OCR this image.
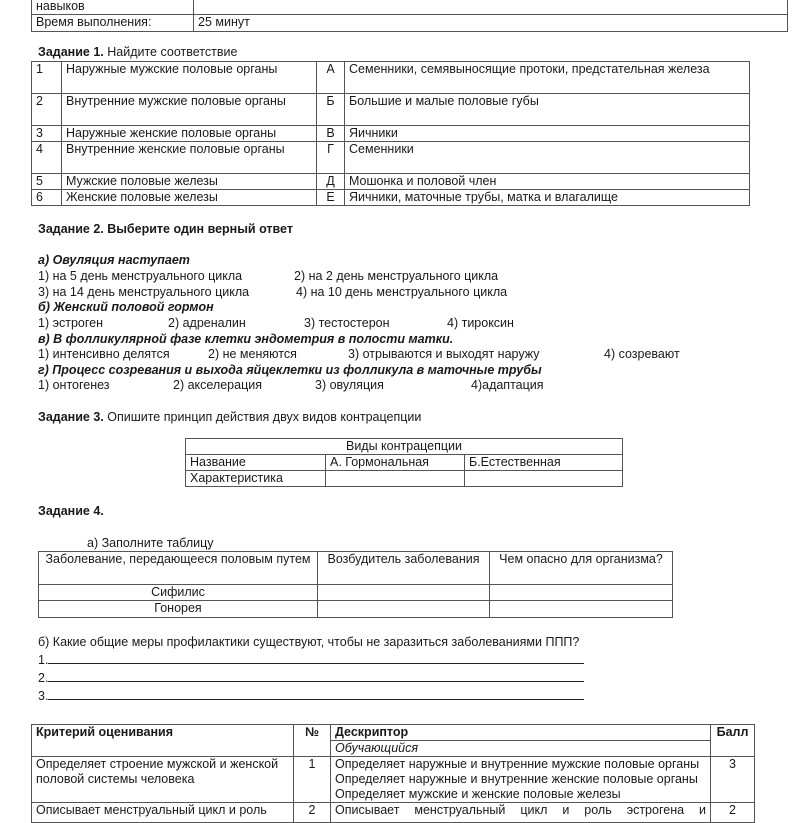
навыков	
Время выполнения:	25 минут
Задание 1. Найдите соответствие
1	Наружные мужские половые органы	А	Семенники, семявыносящие протоки, предстательная железа
2	Внутренние мужские половые органы	Б	Большие и малые половые губы
3	Наружные женские половые органы	В	Яичники
4	Внутренние женские половые органы	Г	Семенники
5	Мужские половые железы	Д	Мошонка и половой член
6	Женские половые железы	Е	Яичники, маточные трубы, матка и влагалище
Задание 2. Выберите один верный ответ
а) Овуляция наступает
1) на 5 день менструального цикла	2) на 2 день менструального цикла
3) на 14 день менструального цикла	4) на 10 день менструального цикла
б) Женский половой гормон
1) эстроген	2) адреналин	3) тестостерон	4) тироксин
в) В фолликулярной фазе клетки эндометрия в полости матки.
1) интенсивно делятся	2) не меняются	3) отрываются и выходят наружу	4) созревают
г) Процесс созревания и выхода яйцеклетки из фолликула в маточные трубы
1) онтогенез	2) акселерация	3) овуляция	4)адаптация
Задание 3. Опишите принцип действия двух видов контрацепции
Виды контрацепции		
Название	А. Гормональная	Б.Естественная
Характеристика		
Задание 4.
а) Заполните таблицу
Заболевание, передающееся половым путем	Возбудитель заболевания	Чем опасно для организма?
Сифилис		
Гонорея		
б) Какие общие меры профилактики существуют, чтобы не заразиться заболеваниями ППП?
1.
2.
3.
Критерий оценивания	№	Дескриптор	Балл
		Обучающийся	
Определяет строение мужской и женской половой системы человека	1	Определяет наружные и внутренние мужские половые органы
Определяет наружные и внутренние женские половые органы
Определяет мужские и женские половые железы	3
Описывает менструальный цикл и роль	2	Описывает менструальный цикл и роль эстрогена и	2
